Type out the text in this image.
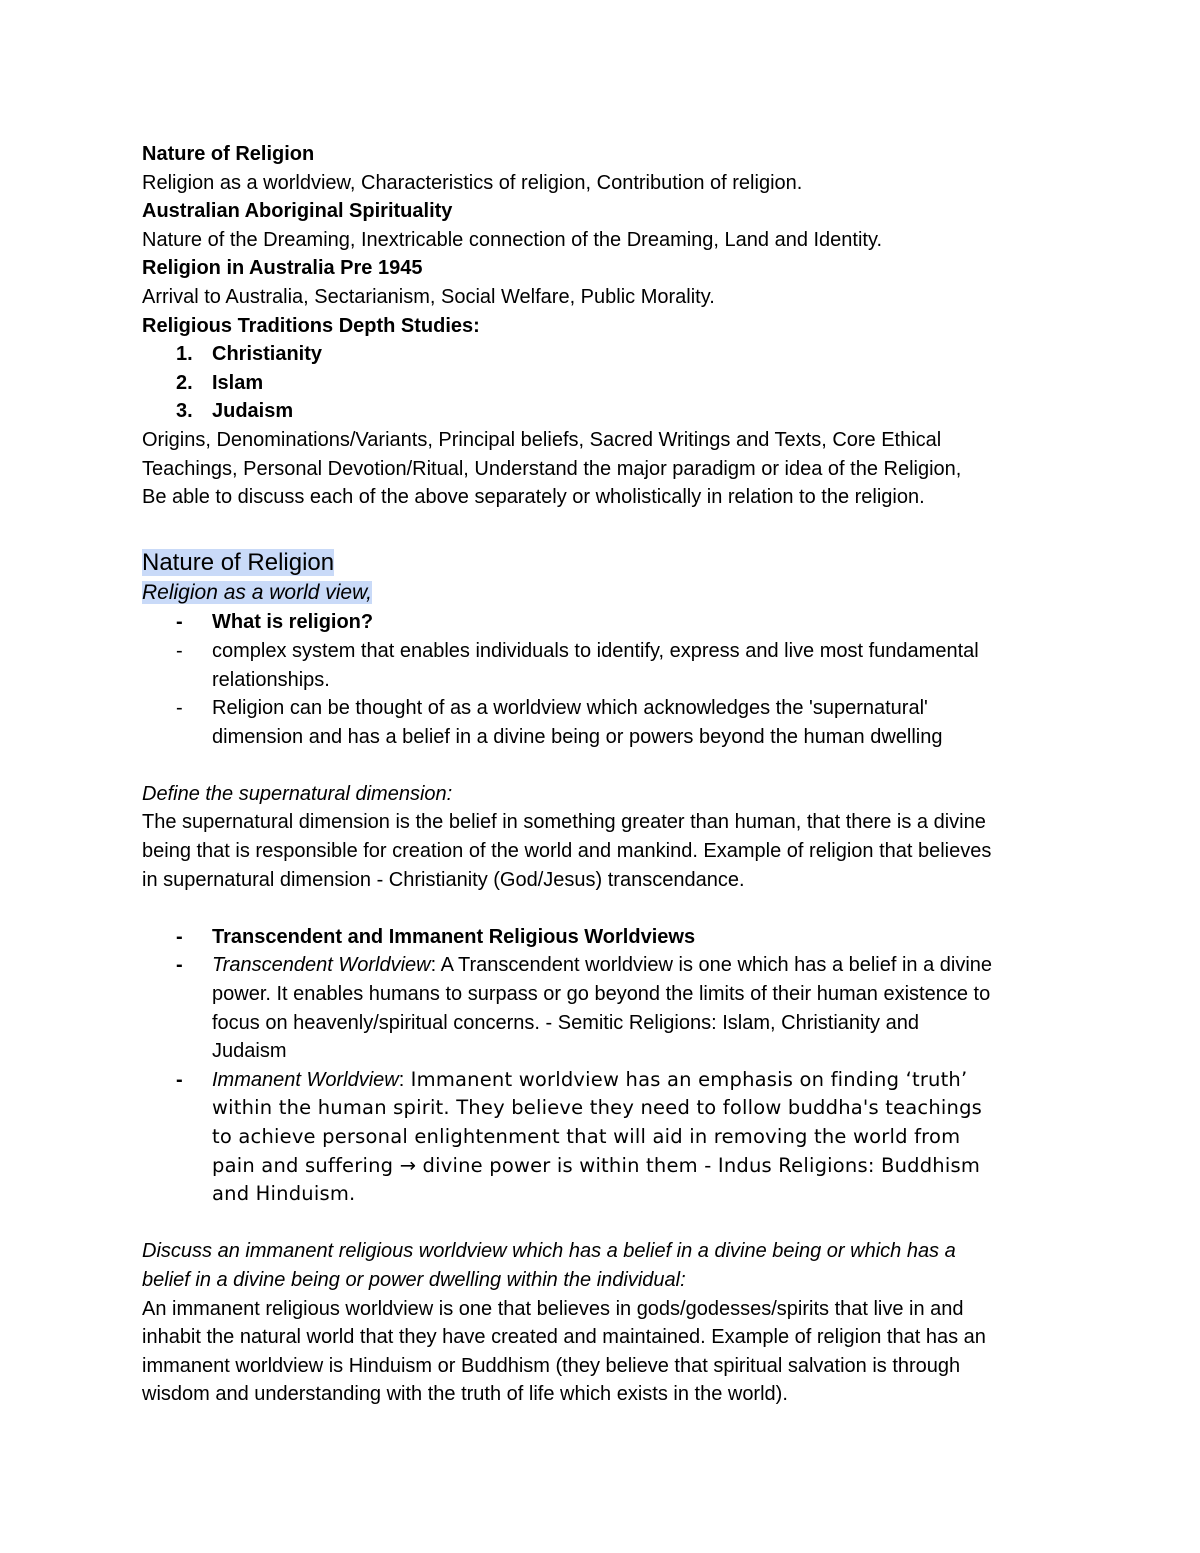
Nature of Religion

Religion as a worldview, Characteristics of religion, Contribution of religion.

Australian Aboriginal Spirituality

Nature of the Dreaming, Inextricable connection of the Dreaming, Land and Identity.

Religion in Australia Pre 1945

Arrival to Australia, Sectarianism, Social Welfare, Public Morality.

Religious Traditions Depth Studies:

1. Christianity
2. Islam
3. Judaism

Origins, Denominations/Variants, Principal beliefs, Sacred Writings and Texts, Core Ethical

Teachings, Personal Devotion/Ritual, Understand the major paradigm or idea of the Religion,

Be able to discuss each of the above separately or wholistically in relation to the religion.

Nature of Religion

Religion as a world view,

- What is religion?
- complex system that enables individuals to identify, express and live most fundamental
relationships.
- Religion can be thought of as a worldview which acknowledges the 'supernatural'
dimension and has a belief in a divine being or powers beyond the human dwelling

Define the supernatural dimension:

The supernatural dimension is the belief in something greater than human, that there is a divine

being that is responsible for creation of the world and mankind. Example of religion that believes

in supernatural dimension - Christianity (God/Jesus) transcendance.

- Transcendent and Immanent Religious Worldviews
- Transcendent Worldview: A Transcendent worldview is one which has a belief in a divine
power. It enables humans to surpass or go beyond the limits of their human existence to
focus on heavenly/spiritual concerns. - Semitic Religions: Islam, Christianity and
Judaism
- Immanent Worldview: Immanent worldview has an emphasis on finding ‘truth’
within the human spirit. They believe they need to follow buddha's teachings
to achieve personal enlightenment that will aid in removing the world from
pain and suffering → divine power is within them - Indus Religions: Buddhism
and Hinduism.

Discuss an immanent religious worldview which has a belief in a divine being or which has a

belief in a divine being or power dwelling within the individual:

An immanent religious worldview is one that believes in gods/godesses/spirits that live in and

inhabit the natural world that they have created and maintained. Example of religion that has an

immanent worldview is Hinduism or Buddhism (they believe that spiritual salvation is through

wisdom and understanding with the truth of life which exists in the world).
